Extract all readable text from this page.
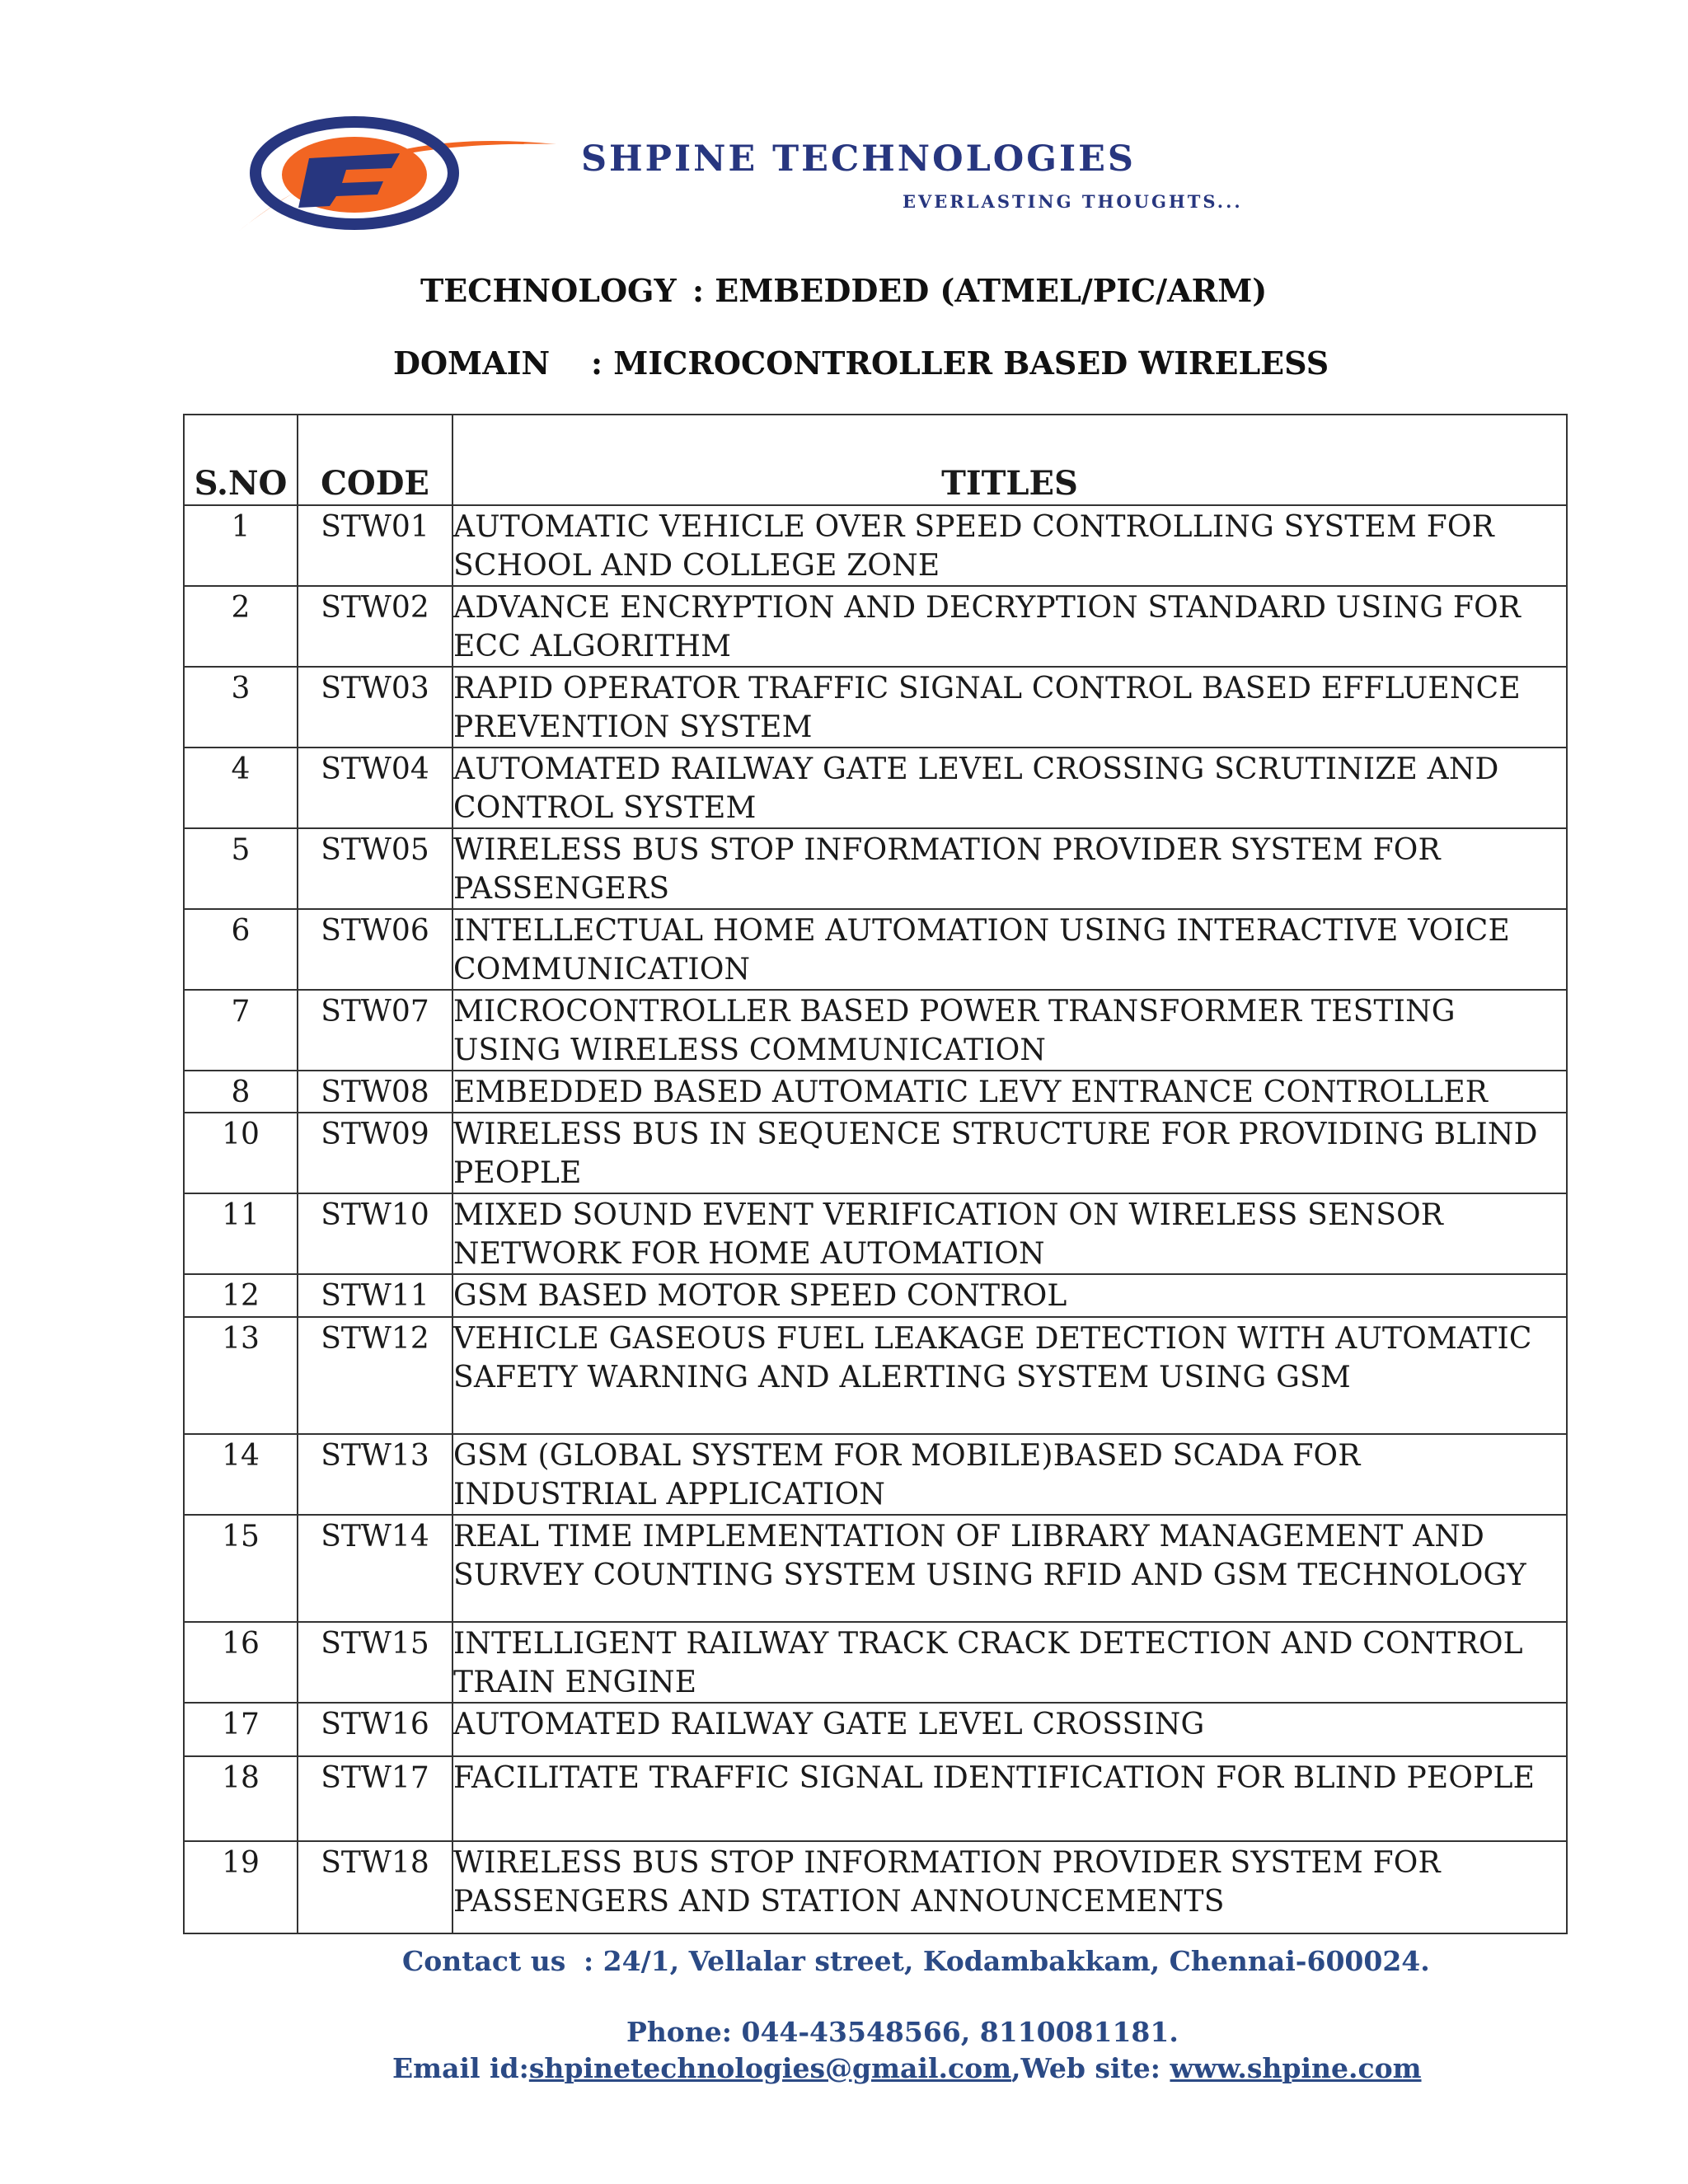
SHPINE TECHNOLOGIES
EVERLASTING THOUGHTS...
TECHNOLOGY : EMBEDDED (ATMEL/PIC/ARM)
DOMAIN : MICROCONTROLLER BASED WIRELESS
S.NO	CODE	TITLES
1	STW01	AUTOMATIC VEHICLE OVER SPEED CONTROLLING SYSTEM FOR SCHOOL AND COLLEGE ZONE
2	STW02	ADVANCE ENCRYPTION AND DECRYPTION STANDARD USING FOR ECC ALGORITHM
3	STW03	RAPID OPERATOR TRAFFIC SIGNAL CONTROL BASED EFFLUENCE PREVENTION SYSTEM
4	STW04	AUTOMATED RAILWAY GATE LEVEL CROSSING SCRUTINIZE AND CONTROL SYSTEM
5	STW05	WIRELESS BUS STOP INFORMATION PROVIDER SYSTEM FOR PASSENGERS
6	STW06	INTELLECTUAL HOME AUTOMATION USING INTERACTIVE VOICE COMMUNICATION
7	STW07	MICROCONTROLLER BASED POWER TRANSFORMER TESTING USING WIRELESS COMMUNICATION
8	STW08	EMBEDDED BASED AUTOMATIC LEVY ENTRANCE CONTROLLER
10	STW09	WIRELESS BUS IN SEQUENCE STRUCTURE FOR PROVIDING BLIND PEOPLE
11	STW10	MIXED SOUND EVENT VERIFICATION ON WIRELESS SENSOR NETWORK FOR HOME AUTOMATION
12	STW11	GSM BASED MOTOR SPEED CONTROL
13	STW12	VEHICLE GASEOUS FUEL LEAKAGE DETECTION WITH AUTOMATIC SAFETY WARNING AND ALERTING SYSTEM USING GSM
14	STW13	GSM (GLOBAL SYSTEM FOR MOBILE)BASED SCADA FOR INDUSTRIAL APPLICATION
15	STW14	REAL TIME IMPLEMENTATION OF LIBRARY MANAGEMENT AND SURVEY COUNTING SYSTEM USING RFID AND GSM TECHNOLOGY
16	STW15	INTELLIGENT RAILWAY TRACK CRACK DETECTION AND CONTROL TRAIN ENGINE
17	STW16	AUTOMATED RAILWAY GATE LEVEL CROSSING
18	STW17	FACILITATE TRAFFIC SIGNAL IDENTIFICATION FOR BLIND PEOPLE
19	STW18	WIRELESS BUS STOP INFORMATION PROVIDER SYSTEM FOR PASSENGERS AND STATION ANNOUNCEMENTS
Contact us : 24/1, Vellalar street, Kodambakkam, Chennai-600024.
Phone: 044-43548566, 8110081181.
Email id:shpinetechnologies@gmail.com,Web site: www.shpine.com
